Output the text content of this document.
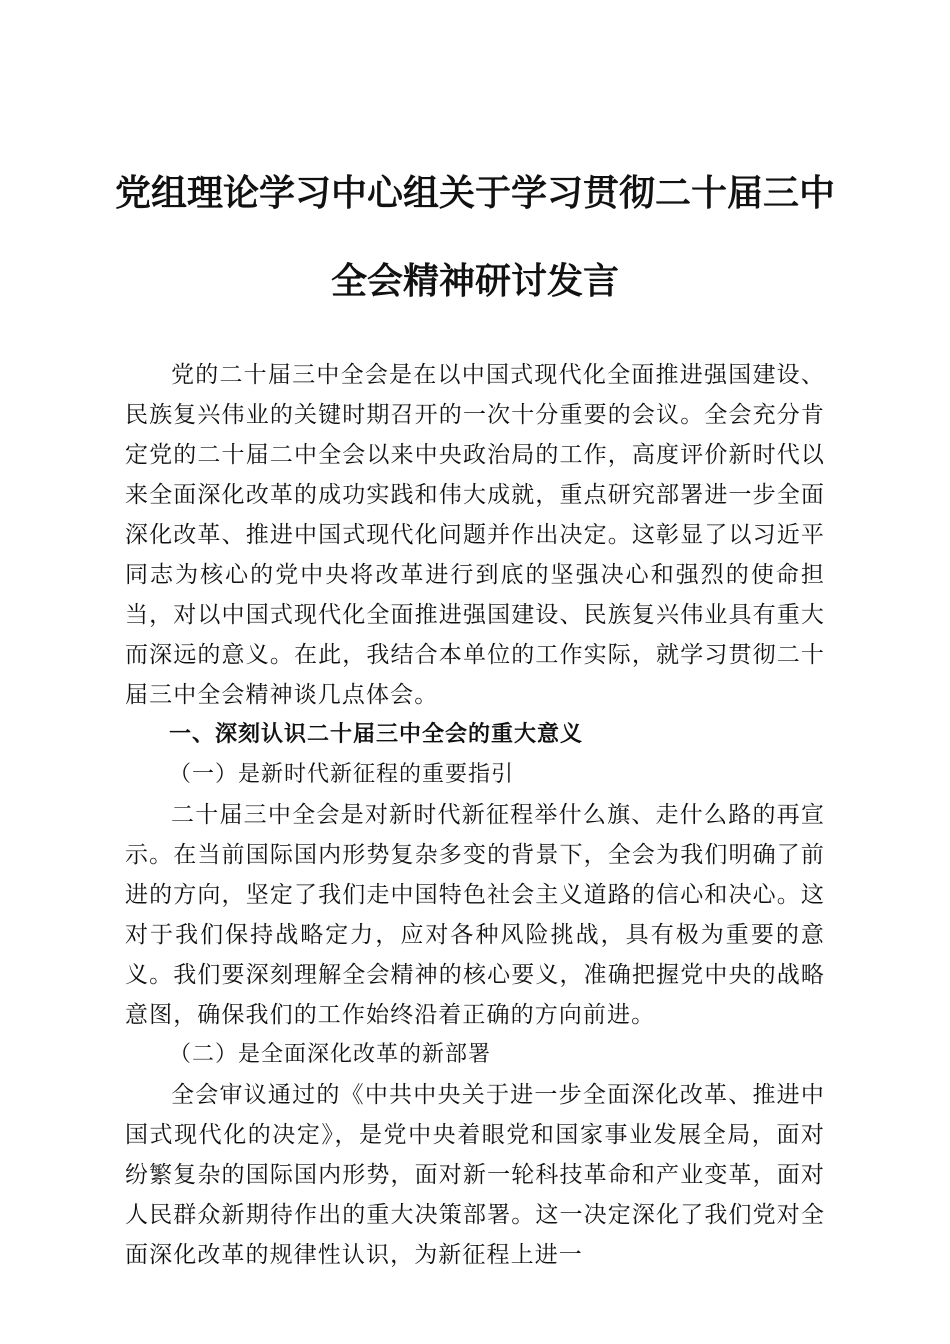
党组理论学习中心组关于学习贯彻二十届三中
全会精神研讨发言

党的二十届三中全会是在以中国式现代化全面推进强国建设、民族复兴伟业的关键时期召开的一次十分重要的会议。全会充分肯定党的二十届二中全会以来中央政治局的工作，高度评价新时代以来全面深化改革的成功实践和伟大成就，重点研究部署进一步全面深化改革、推进中国式现代化问题并作出决定。这彰显了以习近平同志为核心的党中央将改革进行到底的坚强决心和强烈的使命担当，对以中国式现代化全面推进强国建设、民族复兴伟业具有重大而深远的意义。在此，我结合本单位的工作实际，就学习贯彻二十届三中全会精神谈几点体会。

一、深刻认识二十届三中全会的重大意义

（一）是新时代新征程的重要指引

二十届三中全会是对新时代新征程举什么旗、走什么路的再宣示。在当前国际国内形势复杂多变的背景下，全会为我们明确了前进的方向，坚定了我们走中国特色社会主义道路的信心和决心。这对于我们保持战略定力，应对各种风险挑战，具有极为重要的意义。我们要深刻理解全会精神的核心要义，准确把握党中央的战略意图，确保我们的工作始终沿着正确的方向前进。

（二）是全面深化改革的新部署

全会审议通过的《中共中央关于进一步全面深化改革、推进中国式现代化的决定》，是党中央着眼党和国家事业发展全局，面对纷繁复杂的国际国内形势，面对新一轮科技革命和产业变革，面对人民群众新期待作出的重大决策部署。这一决定深化了我们党对全面深化改革的规律性认识，为新征程上进一
